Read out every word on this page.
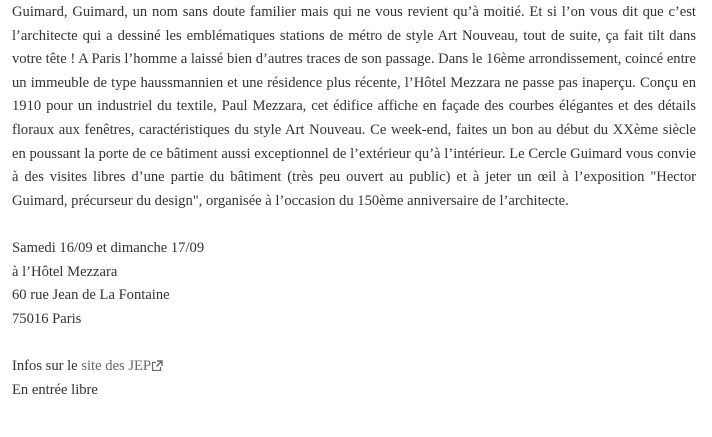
Guimard, Guimard, un nom sans doute familier mais qui ne vous revient qu’à moitié. Et si l’on vous dit que c’est l’architecte qui a dessiné les emblématiques stations de métro de style Art Nouveau, tout de suite, ça fait tilt dans votre tête ! A Paris l’homme a laissé bien d’autres traces de son passage. Dans le 16ème arrondissement, coincé entre un immeuble de type haussmannien et une résidence plus récente, l’Hôtel Mezzara ne passe pas inaperçu. Conçu en 1910 pour un industriel du textile, Paul Mezzara, cet édifice affiche en façade des courbes élégantes et des détails floraux aux fenêtres, caractéristiques du style Art Nouveau. Ce week-end, faites un bon au début du XXème siècle en poussant la porte de ce bâtiment aussi exceptionnel de l’extérieur qu’à l’intérieur. Le Cercle Guimard vous convie à des visites libres d’une partie du bâtiment (très peu ouvert au public) et à jeter un œil à l’exposition "Hector Guimard, précurseur du design", organisée à l’occasion du 150ème anniversaire de l’architecte.

Samedi 16/09 et dimanche 17/09
à l’Hôtel Mezzara
60 rue Jean de La Fontaine
75016 Paris
Infos sur le site des JEP
En entrée libre
